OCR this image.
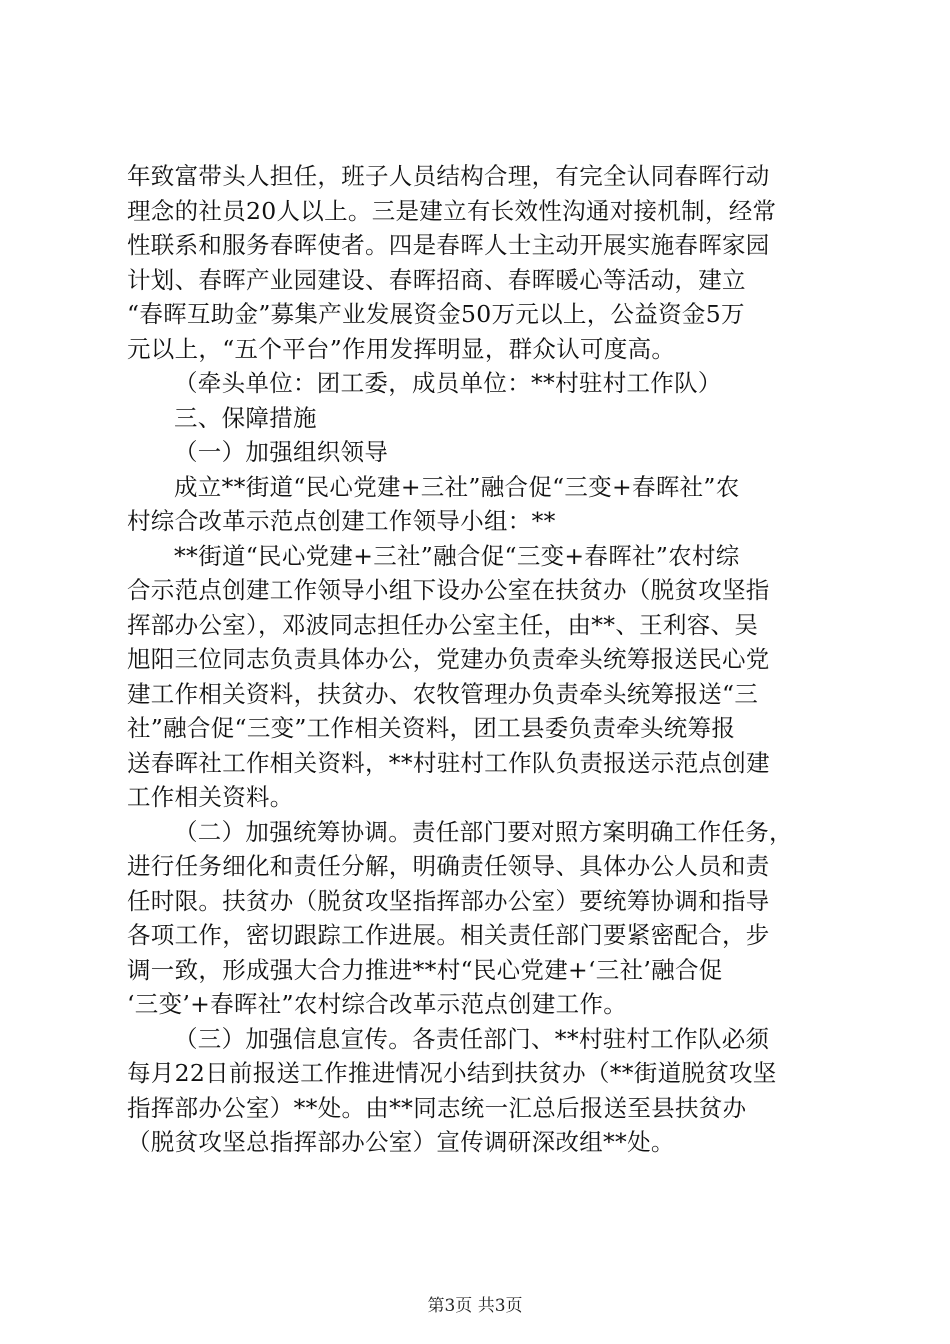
年致富带头人担任，班子人员结构合理，有完全认同春晖行动
理念的社员20人以上。三是建立有长效性沟通对接机制，经常
性联系和服务春晖使者。四是春晖人士主动开展实施春晖家园
计划、春晖产业园建设、春晖招商、春晖暖心等活动，建立
“春晖互助金”募集产业发展资金50万元以上，公益资金5万
元以上，“五个平台”作用发挥明显，群众认可度高。
（牵头单位：团工委，成员单位：**村驻村工作队）
三、保障措施
（一）加强组织领导
成立**街道“民心党建+三社”融合促“三变+春晖社”农
村综合改革示范点创建工作领导小组：**
**街道“民心党建+三社”融合促“三变+春晖社”农村综
合示范点创建工作领导小组下设办公室在扶贫办（脱贫攻坚指
挥部办公室），邓波同志担任办公室主任，由**、王利容、吴
旭阳三位同志负责具体办公，党建办负责牵头统筹报送民心党
建工作相关资料，扶贫办、农牧管理办负责牵头统筹报送“三
社”融合促“三变”工作相关资料，团工县委负责牵头统筹报
送春晖社工作相关资料，**村驻村工作队负责报送示范点创建
工作相关资料。
（二）加强统筹协调。责任部门要对照方案明确工作任务，
进行任务细化和责任分解，明确责任领导、具体办公人员和责
任时限。扶贫办（脱贫攻坚指挥部办公室）要统筹协调和指导
各项工作，密切跟踪工作进展。相关责任部门要紧密配合，步
调一致，形成强大合力推进**村“民心党建+‘三社’融合促
‘三变’+春晖社”农村综合改革示范点创建工作。
（三）加强信息宣传。各责任部门、**村驻村工作队必须
每月22日前报送工作推进情况小结到扶贫办（**街道脱贫攻坚
指挥部办公室）**处。由**同志统一汇总后报送至县扶贫办
（脱贫攻坚总指挥部办公室）宣传调研深改组**处。
第3页 共3页
